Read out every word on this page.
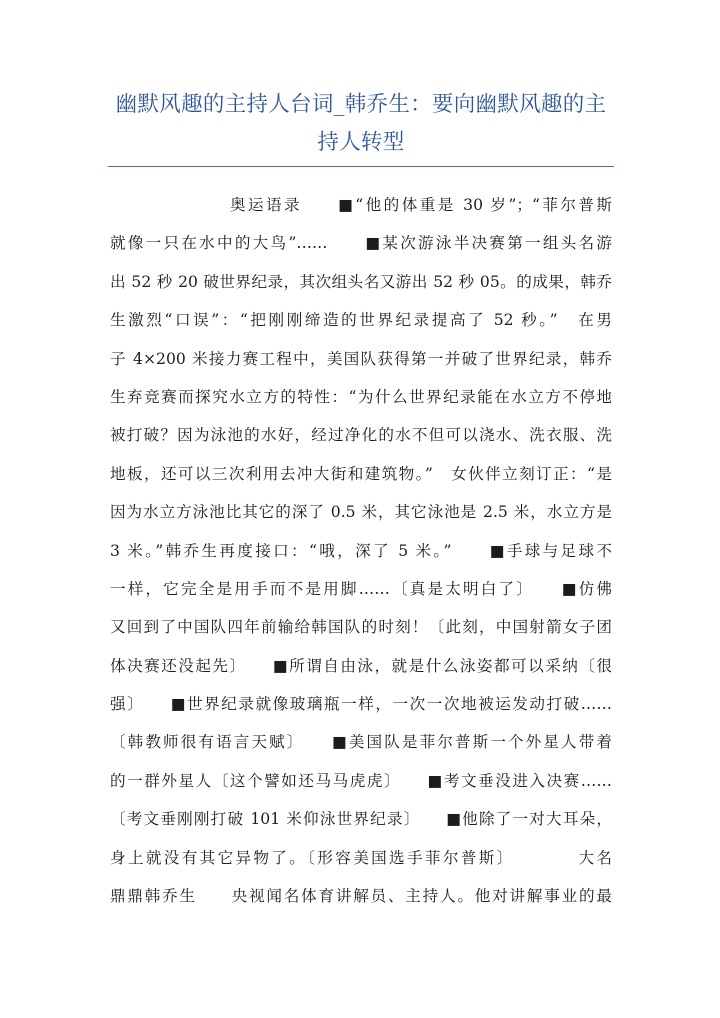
幽默风趣的主持人台词_韩乔生：要向幽默风趣的主
持人转型
奥运语录　　■“他的体重是 30 岁”；“菲尔普斯
就像一只在水中的大鸟”……　　■某次游泳半决赛第一组头名游
出 52 秒 20 破世界纪录，其次组头名又游出 52 秒 05。的成果，韩乔
生激烈“口误”：“把刚刚缔造的世界纪录提高了 52 秒。”　在男
子 4×200 米接力赛工程中，美国队获得第一并破了世界纪录，韩乔
生弃竞赛而探究水立方的特性：“为什么世界纪录能在水立方不停地
被打破？因为泳池的水好，经过净化的水不但可以浇水、洗衣服、洗
地板，还可以三次利用去冲大街和建筑物。”　女伙伴立刻订正：“是
因为水立方泳池比其它的深了 0.5 米，其它泳池是 2.5 米，水立方是
3 米。”韩乔生再度接口：“哦，深了 5 米。”　　■手球与足球不
一样，它完全是用手而不是用脚……〔真是太明白了〕　　■仿佛
又回到了中国队四年前输给韩国队的时刻！〔此刻，中国射箭女子团
体决赛还没起先〕　　■所谓自由泳，就是什么泳姿都可以采纳〔很
强〕　　■世界纪录就像玻璃瓶一样，一次一次地被运发动打破……
〔韩教师很有语言天赋〕　　■美国队是菲尔普斯一个外星人带着
的一群外星人〔这个譬如还马马虎虎〕　　■考文垂没进入决赛……
〔考文垂刚刚打破 101 米仰泳世界纪录〕　　■他除了一对大耳朵，
身上就没有其它异物了。〔形容美国选手菲尔普斯〕　　　　大名
鼎鼎韩乔生　　央视闻名体育讲解员、主持人。他对讲解事业的最
